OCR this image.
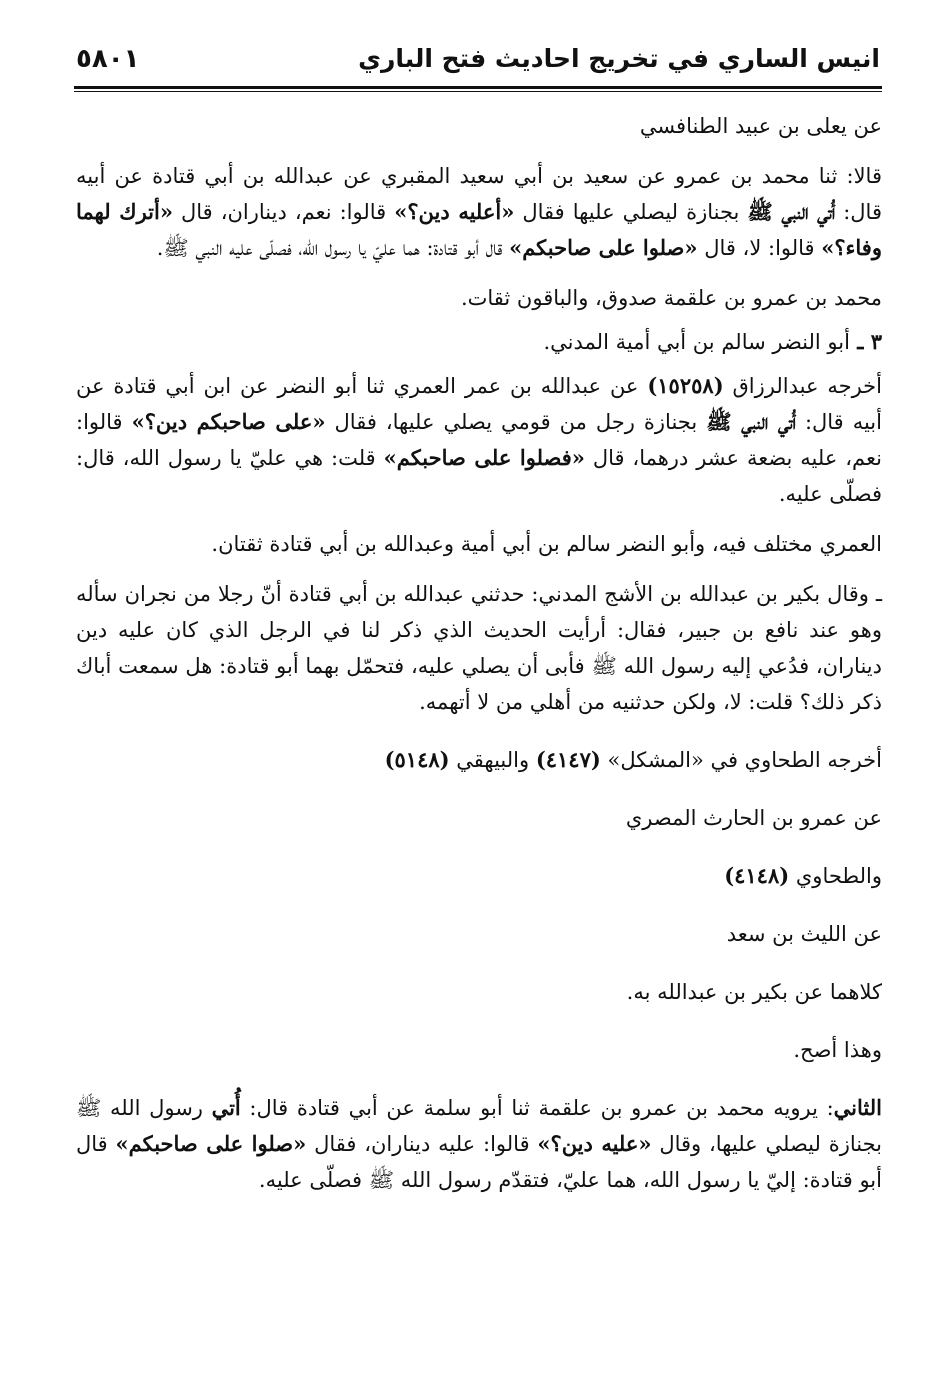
انيس الساري في تخريج احاديث فتح الباري
٥٨٠١

عن يعلى بن عبيد الطنافسي

قالا: ثنا محمد بن عمرو عن سعيد بن أبي سعيد المقبري عن عبدالله بن أبي قتادة عن أبيه قال: أُتي النبي ﷺ بجنازة ليصلي عليها فقال «أعليه دين؟» قالوا: نعم، ديناران، قال «أترك لهما وفاء؟» قالوا: لا، قال «صلوا على صاحبكم» قال أبو قتادة: هما عليّ يا رسول الله، فصلّى عليه النبي ﷺ.

محمد بن عمرو بن علقمة صدوق، والباقون ثقات.

٣ ـ أبو النضر سالم بن أبي أمية المدني.

أخرجه عبدالرزاق (١٥٢٥٨) عن عبدالله بن عمر العمري ثنا أبو النضر عن ابن أبي قتادة عن أبيه قال: أُتي النبي ﷺ بجنازة رجل من قومي يصلي عليها، فقال «على صاحبكم دين؟» قالوا: نعم، عليه بضعة عشر درهما، قال «فصلوا على صاحبكم» قلت: هي عليّ يا رسول الله، قال: فصلّى عليه.

العمري مختلف فيه، وأبو النضر سالم بن أبي أمية وعبدالله بن أبي قتادة ثقتان.

ـ وقال بكير بن عبدالله بن الأشج المدني: حدثني عبدالله بن أبي قتادة أنّ رجلا من نجران سأله وهو عند نافع بن جبير، فقال: أرأيت الحديث الذي ذكر لنا في الرجل الذي كان عليه دين ديناران، فدُعي إليه رسول الله ﷺ فأبى أن يصلي عليه، فتحمّل بهما أبو قتادة: هل سمعت أباك ذكر ذلك؟ قلت: لا، ولكن حدثنيه من أهلي من لا أتهمه.

أخرجه الطحاوي في «المشكل» (٤١٤٧) والبيهقي (٥١٤٨)

عن عمرو بن الحارث المصري

والطحاوي (٤١٤٨)

عن الليث بن سعد

كلاهما عن بكير بن عبدالله به.

وهذا أصح.

الثاني: يرويه محمد بن عمرو بن علقمة ثنا أبو سلمة عن أبي قتادة قال: أُتي رسول الله ﷺ بجنازة ليصلي عليها، وقال «عليه دين؟» قالوا: عليه ديناران، فقال «صلوا على صاحبكم» قال أبو قتادة: إليّ يا رسول الله، هما عليّ، فتقدّم رسول الله ﷺ فصلّى عليه.
